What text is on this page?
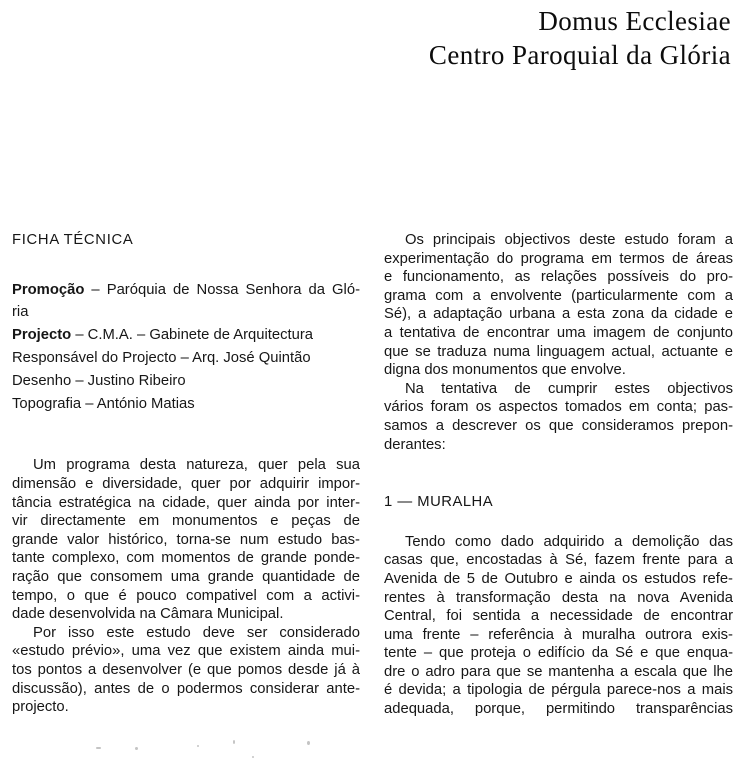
Domus Ecclesiae
Centro Paroquial da Glória
FICHA TÉCNICA
Promoção – Paróquia de Nossa Senhora da Gló-
ria
Projecto – C.M.A. – Gabinete de Arquitectura
Responsável do Projecto – Arq. José Quintão
Desenho – Justino Ribeiro
Topografia – António Matias
Um programa desta natureza, quer pela sua
dimensão e diversidade, quer por adquirir impor-
tância estratégica na cidade, quer ainda por inter-
vir directamente em monumentos e peças de
grande valor histórico, torna-se num estudo bas-
tante complexo, com momentos de grande ponde-
ração que consomem uma grande quantidade de
tempo, o que é pouco compativel com a activi-
dade desenvolvida na Câmara Municipal.
Por isso este estudo deve ser considerado
«estudo prévio», uma vez que existem ainda mui-
tos pontos a desenvolver (e que pomos desde já à
discussão), antes de o podermos considerar ante-
projecto.
Os principais objectivos deste estudo foram a
experimentação do programa em termos de áreas
e funcionamento, as relações possíveis do pro-
grama com a envolvente (particularmente com a
Sé), a adaptação urbana a esta zona da cidade e
a tentativa de encontrar uma imagem de conjunto
que se traduza numa linguagem actual, actuante e
digna dos monumentos que envolve.
Na tentativa de cumprir estes objectivos
vários foram os aspectos tomados em conta; pas-
samos a descrever os que consideramos prepon-
derantes:
1 — MURALHA
Tendo como dado adquirido a demolição das
casas que, encostadas à Sé, fazem frente para a
Avenida de 5 de Outubro e ainda os estudos refe-
rentes à transformação desta na nova Avenida
Central, foi sentida a necessidade de encontrar
uma frente – referência à muralha outrora exis-
tente – que proteja o edifício da Sé e que enqua-
dre o adro para que se mantenha a escala que lhe
é devida; a tipologia de pérgula parece-nos a mais
adequada, porque, permitindo transparências
